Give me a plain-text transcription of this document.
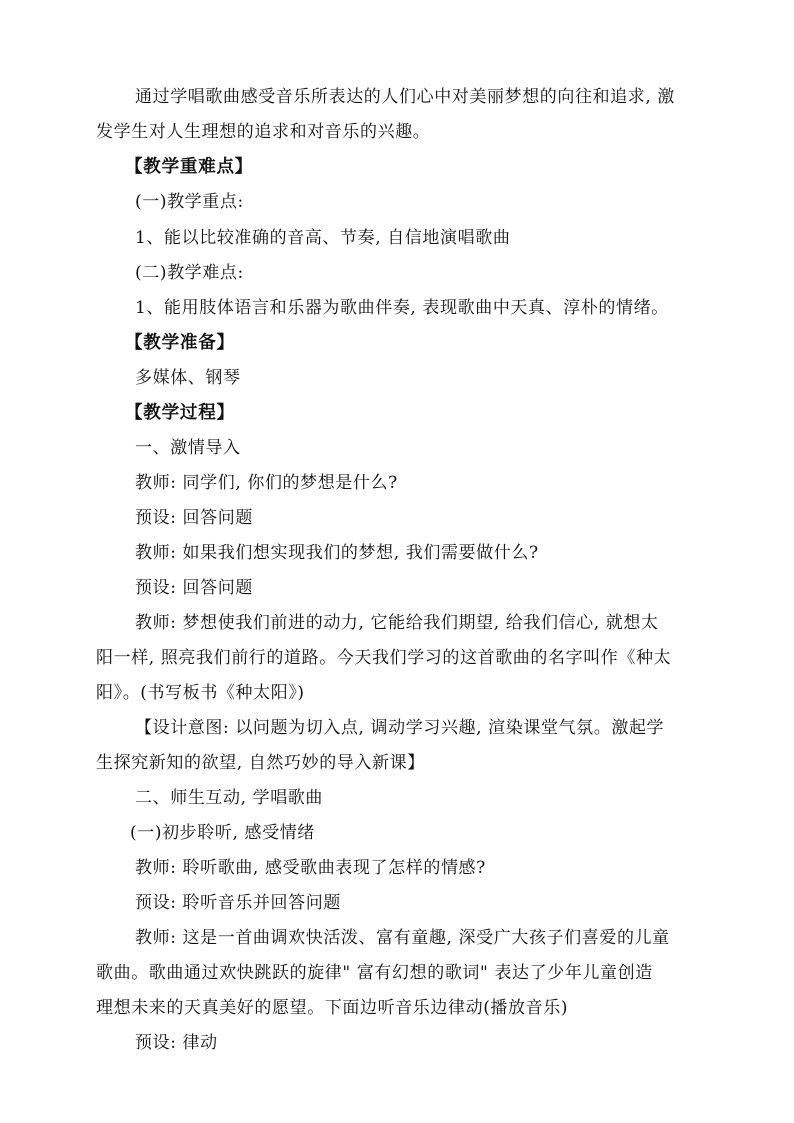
通过学唱歌曲感受音乐所表达的人们心中对美丽梦想的向往和追求, 激
发学生对人生理想的追求和对音乐的兴趣。
【教学重难点】
(一)教学重点:
1、能以比较准确的音高、节奏, 自信地演唱歌曲
(二)教学难点:
1、能用肢体语言和乐器为歌曲伴奏, 表现歌曲中天真、淳朴的情绪。
【教学准备】
多媒体、钢琴
【教学过程】
一、激情导入
教师: 同学们, 你们的梦想是什么?
预设: 回答问题
教师: 如果我们想实现我们的梦想, 我们需要做什么?
预设: 回答问题
教师: 梦想使我们前进的动力, 它能给我们期望, 给我们信心, 就想太
阳一样, 照亮我们前行的道路。今天我们学习的这首歌曲的名字叫作《种太
阳》。(书写板书《种太阳》)
【设计意图: 以问题为切入点, 调动学习兴趣, 渲染课堂气氛。激起学
生探究新知的欲望, 自然巧妙的导入新课】
二、师生互动, 学唱歌曲
(一)初步聆听, 感受情绪
教师: 聆听歌曲, 感受歌曲表现了怎样的情感?
预设: 聆听音乐并回答问题
教师: 这是一首曲调欢快活泼、富有童趣, 深受广大孩子们喜爱的儿童
歌曲。歌曲通过欢快跳跃的旋律" 富有幻想的歌词" 表达了少年儿童创造
理想未来的天真美好的愿望。下面边听音乐边律动(播放音乐)
预设: 律动
